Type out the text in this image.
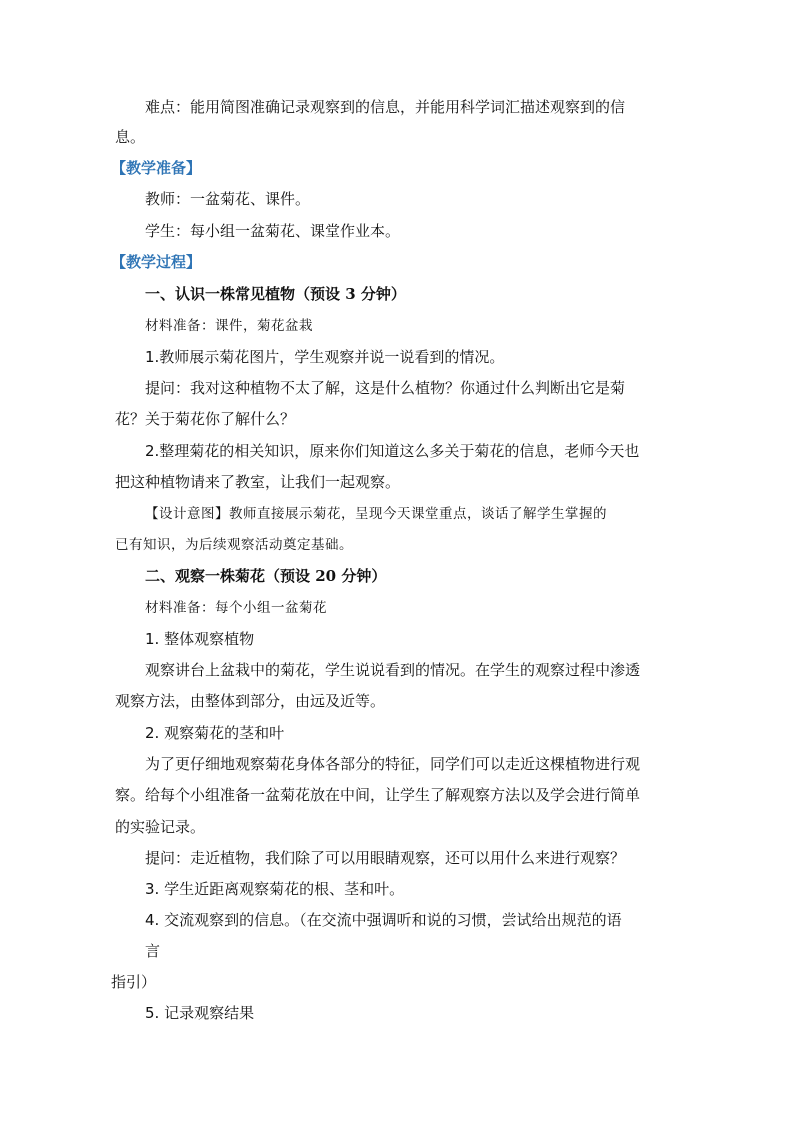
难点：能用简图准确记录观察到的信息，并能用科学词汇描述观察到的信
息。
【教学准备】
教师：一盆菊花、课件。
学生：每小组一盆菊花、课堂作业本。
【教学过程】
一、认识一株常见植物（预设 3 分钟）
材料准备：课件，菊花盆栽
1.教师展示菊花图片，学生观察并说一说看到的情况。
提问：我对这种植物不太了解，这是什么植物？你通过什么判断出它是菊
花？关于菊花你了解什么？
2.整理菊花的相关知识，原来你们知道这么多关于菊花的信息，老师今天也
把这种植物请来了教室，让我们一起观察。
【设计意图】教师直接展示菊花，呈现今天课堂重点，谈话了解学生掌握的
已有知识，为后续观察活动奠定基础。
二、观察一株菊花（预设 20 分钟）
材料准备：每个小组一盆菊花
1. 整体观察植物
观察讲台上盆栽中的菊花，学生说说看到的情况。在学生的观察过程中渗透
观察方法，由整体到部分，由远及近等。
2. 观察菊花的茎和叶
为了更仔细地观察菊花身体各部分的特征，同学们可以走近这棵植物进行观
察。给每个小组准备一盆菊花放在中间，让学生了解观察方法以及学会进行简单
的实验记录。
提问：走近植物，我们除了可以用眼睛观察，还可以用什么来进行观察？
3. 学生近距离观察菊花的根、茎和叶。
4. 交流观察到的信息。（在交流中强调听和说的习惯，尝试给出规范的语
言
指引）
5. 记录观察结果
